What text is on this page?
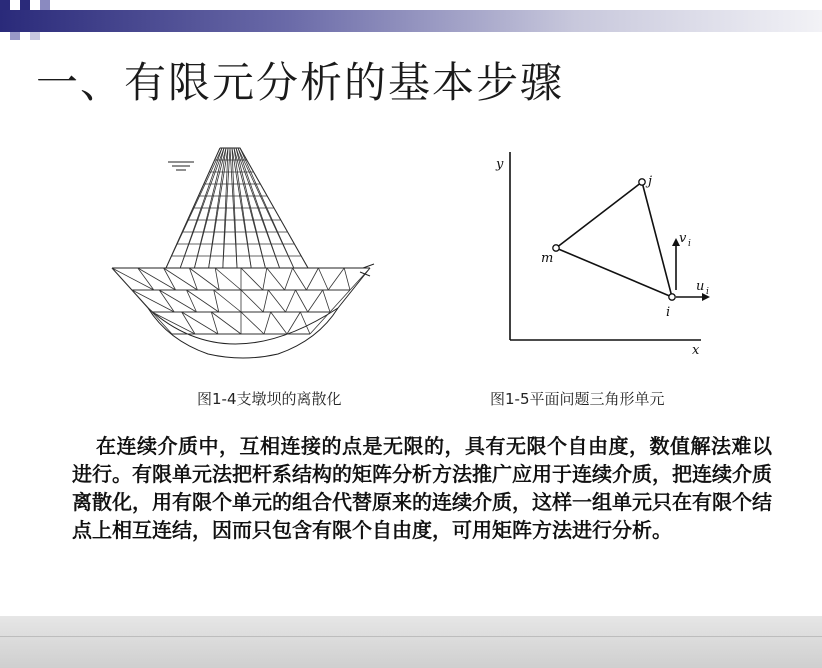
一、有限元分析的基本步骤
y
x
j
m
i
v i
u i
图1-4支墩坝的离散化	图1-5平面问题三角形单元
在连续介质中，互相连接的点是无限的，具有无限个自由度，数值解法难以进行。有限单元法把杆系结构的矩阵分析方法推广应用于连续介质，把连续介质离散化，用有限个单元的组合代替原来的连续介质，这样一组单元只在有限个结点上相互连结，因而只包含有限个自由度，可用矩阵方法进行分析。
